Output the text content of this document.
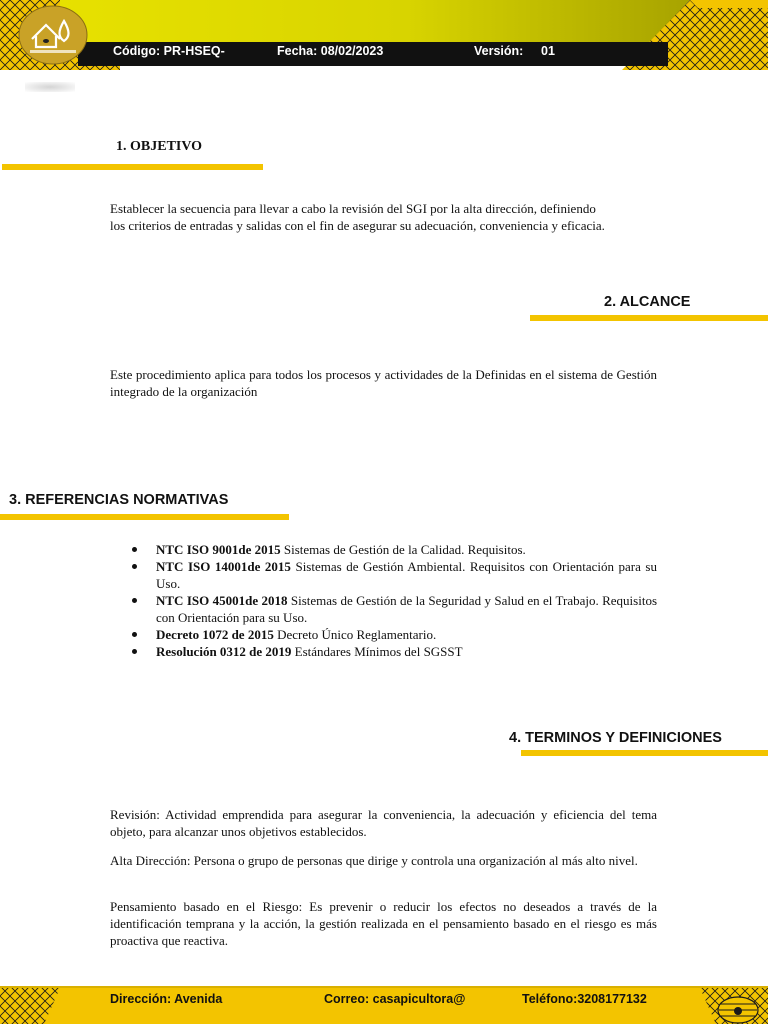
Código: PR-HSEQ-	Fecha: 08/02/2023	Versión: 01
1. OBJETIVO
Establecer la secuencia para llevar a cabo la revisión del SGI por la alta dirección, definiendo
los criterios de entradas y salidas con el fin de asegurar su adecuación, conveniencia y eficacia.
2. ALCANCE

Este procedimiento aplica para todos los procesos y actividades de la Definidas en el sistema de Gestión integrado de la organización

3. REFERENCIAS NORMATIVAS
NTC ISO 9001de 2015 Sistemas de Gestión de la Calidad. Requisitos.
NTC ISO 14001de 2015 Sistemas de Gestión Ambiental. Requisitos con Orientación para su Uso.
NTC ISO 45001de 2018 Sistemas de Gestión de la Seguridad y Salud en el Trabajo. Requisitos con Orientación para su Uso.
Decreto 1072 de 2015 Decreto Único Reglamentario.
Resolución 0312 de 2019 Estándares Mínimos del SGSST
4. TERMINOS Y DEFINICIONES

Revisión: Actividad emprendida para asegurar la conveniencia, la adecuación y eficiencia del tema objeto, para alcanzar unos objetivos establecidos.

Alta Dirección: Persona o grupo de personas que dirige y controla una organización al más alto nivel.

Pensamiento basado en el Riesgo: Es prevenir o reducir los efectos no deseados a través de la identificación temprana y la acción, la gestión realizada en el pensamiento basado en el riesgo es más proactiva que reactiva.

Dirección: Avenida	Correo: casapicultora@	Teléfono:3208177132
